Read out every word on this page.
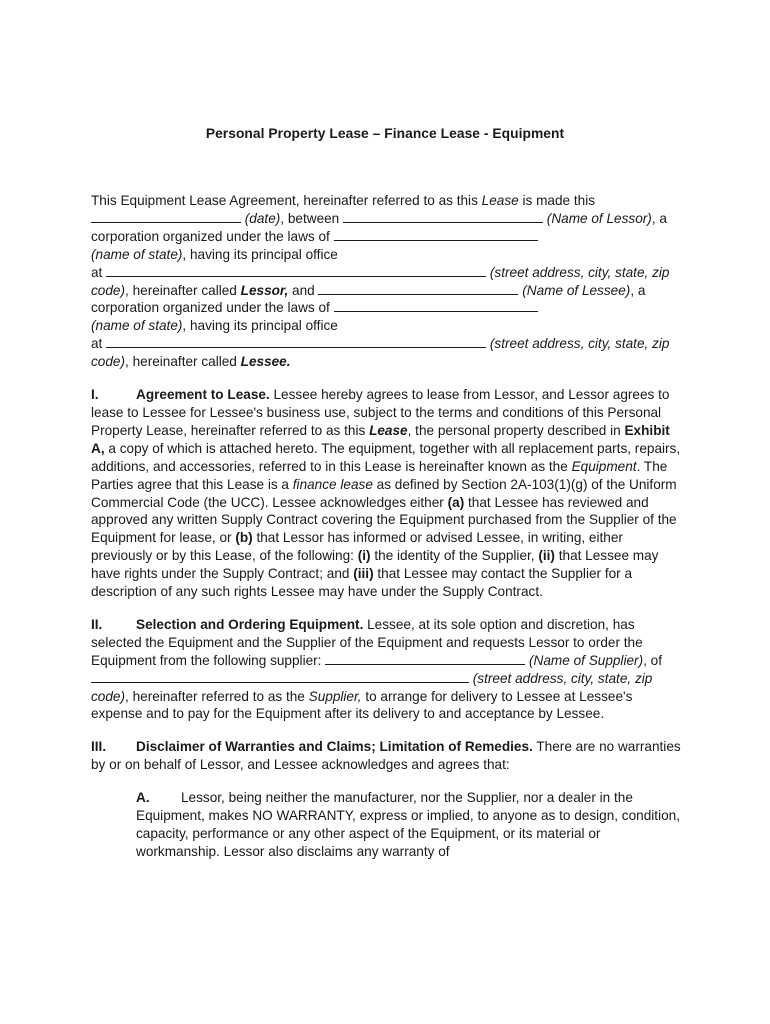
Personal Property Lease – Finance Lease - Equipment

This Equipment Lease Agreement, hereinafter referred to as this Lease is made this
(date), between	(Name of Lessor), a corporation organized under the laws of
(name of state), having its principal office
at	(street address, city, state, zip code), hereinafter called Lessor, and	(Name of Lessee), a corporation organized under the laws of
(name of state), having its principal office
at	(street address, city, state, zip code), hereinafter called Lessee.

I.	Agreement to Lease. Lessee hereby agrees to lease from Lessor, and Lessor agrees to lease to Lessee for Lessee's business use, subject to the terms and conditions of this Personal Property Lease, hereinafter referred to as this Lease, the personal property described in Exhibit A, a copy of which is attached hereto. The equipment, together with all replacement parts, repairs, additions, and accessories, referred to in this Lease is hereinafter known as the Equipment. The Parties agree that this Lease is a finance lease as defined by Section 2A-103(1)(g) of the Uniform Commercial Code (the UCC). Lessee acknowledges either (a) that Lessee has reviewed and approved any written Supply Contract covering the Equipment purchased from the Supplier of the Equipment for lease, or (b) that Lessor has informed or advised Lessee, in writing, either previously or by this Lease, of the following: (i) the identity of the Supplier, (ii) that Lessee may have rights under the Supply Contract; and (iii) that Lessee may contact the Supplier for a description of any such rights Lessee may have under the Supply Contract.

II. Selection and Ordering Equipment. Lessee, at its sole option and discretion, has selected the Equipment and the Supplier of the Equipment and requests Lessor to order the Equipment from the following supplier:	(Name of Supplier), of  (street address, city, state, zip code), hereinafter referred to as the Supplier, to arrange for delivery to Lessee at Lessee's expense and to pay for the Equipment after its delivery to and acceptance by Lessee.

III. Disclaimer of Warranties and Claims; Limitation of Remedies. There are no warranties by or on behalf of Lessor, and Lessee acknowledges and agrees that:

A. Lessor, being neither the manufacturer, nor the Supplier, nor a dealer in the Equipment, makes NO WARRANTY, express or implied, to anyone as to design, condition, capacity, performance or any other aspect of the Equipment, or its material or workmanship. Lessor also disclaims any warranty of
